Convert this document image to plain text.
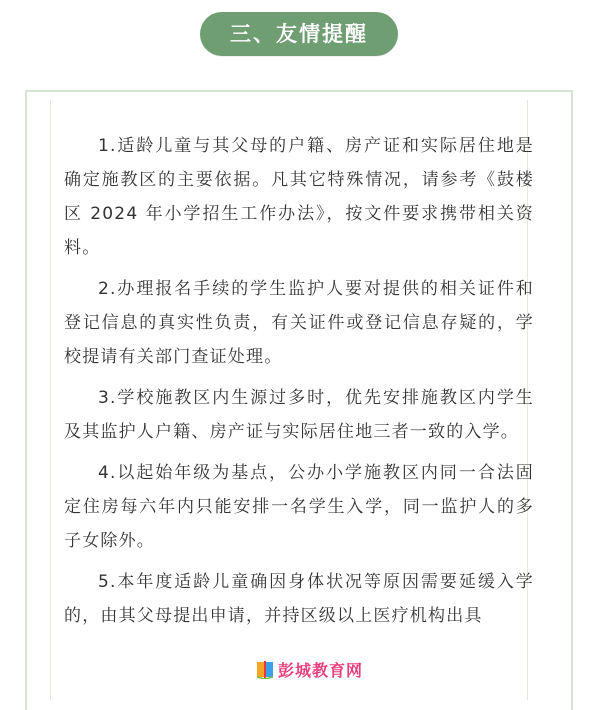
三、友情提醒

1.适龄儿童与其父母的户籍、房产证和实际居住地是确定施教区的主要依据。凡其它特殊情况，请参考《鼓楼区 2024 年小学招生工作办法》，按文件要求携带相关资料。

2.办理报名手续的学生监护人要对提供的相关证件和登记信息的真实性负责，有关证件或登记信息存疑的，学校提请有关部门查证处理。

3.学校施教区内生源过多时，优先安排施教区内学生及其监护人户籍、房产证与实际居住地三者一致的入学。

4.以起始年级为基点，公办小学施教区内同一合法固定住房每六年内只能安排一名学生入学，同一监护人的多子女除外。

5.本年度适龄儿童确因身体状况等原因需要延缓入学的，由其父母提出申请，并持区级以上医疗机构出具

彭城教育网
